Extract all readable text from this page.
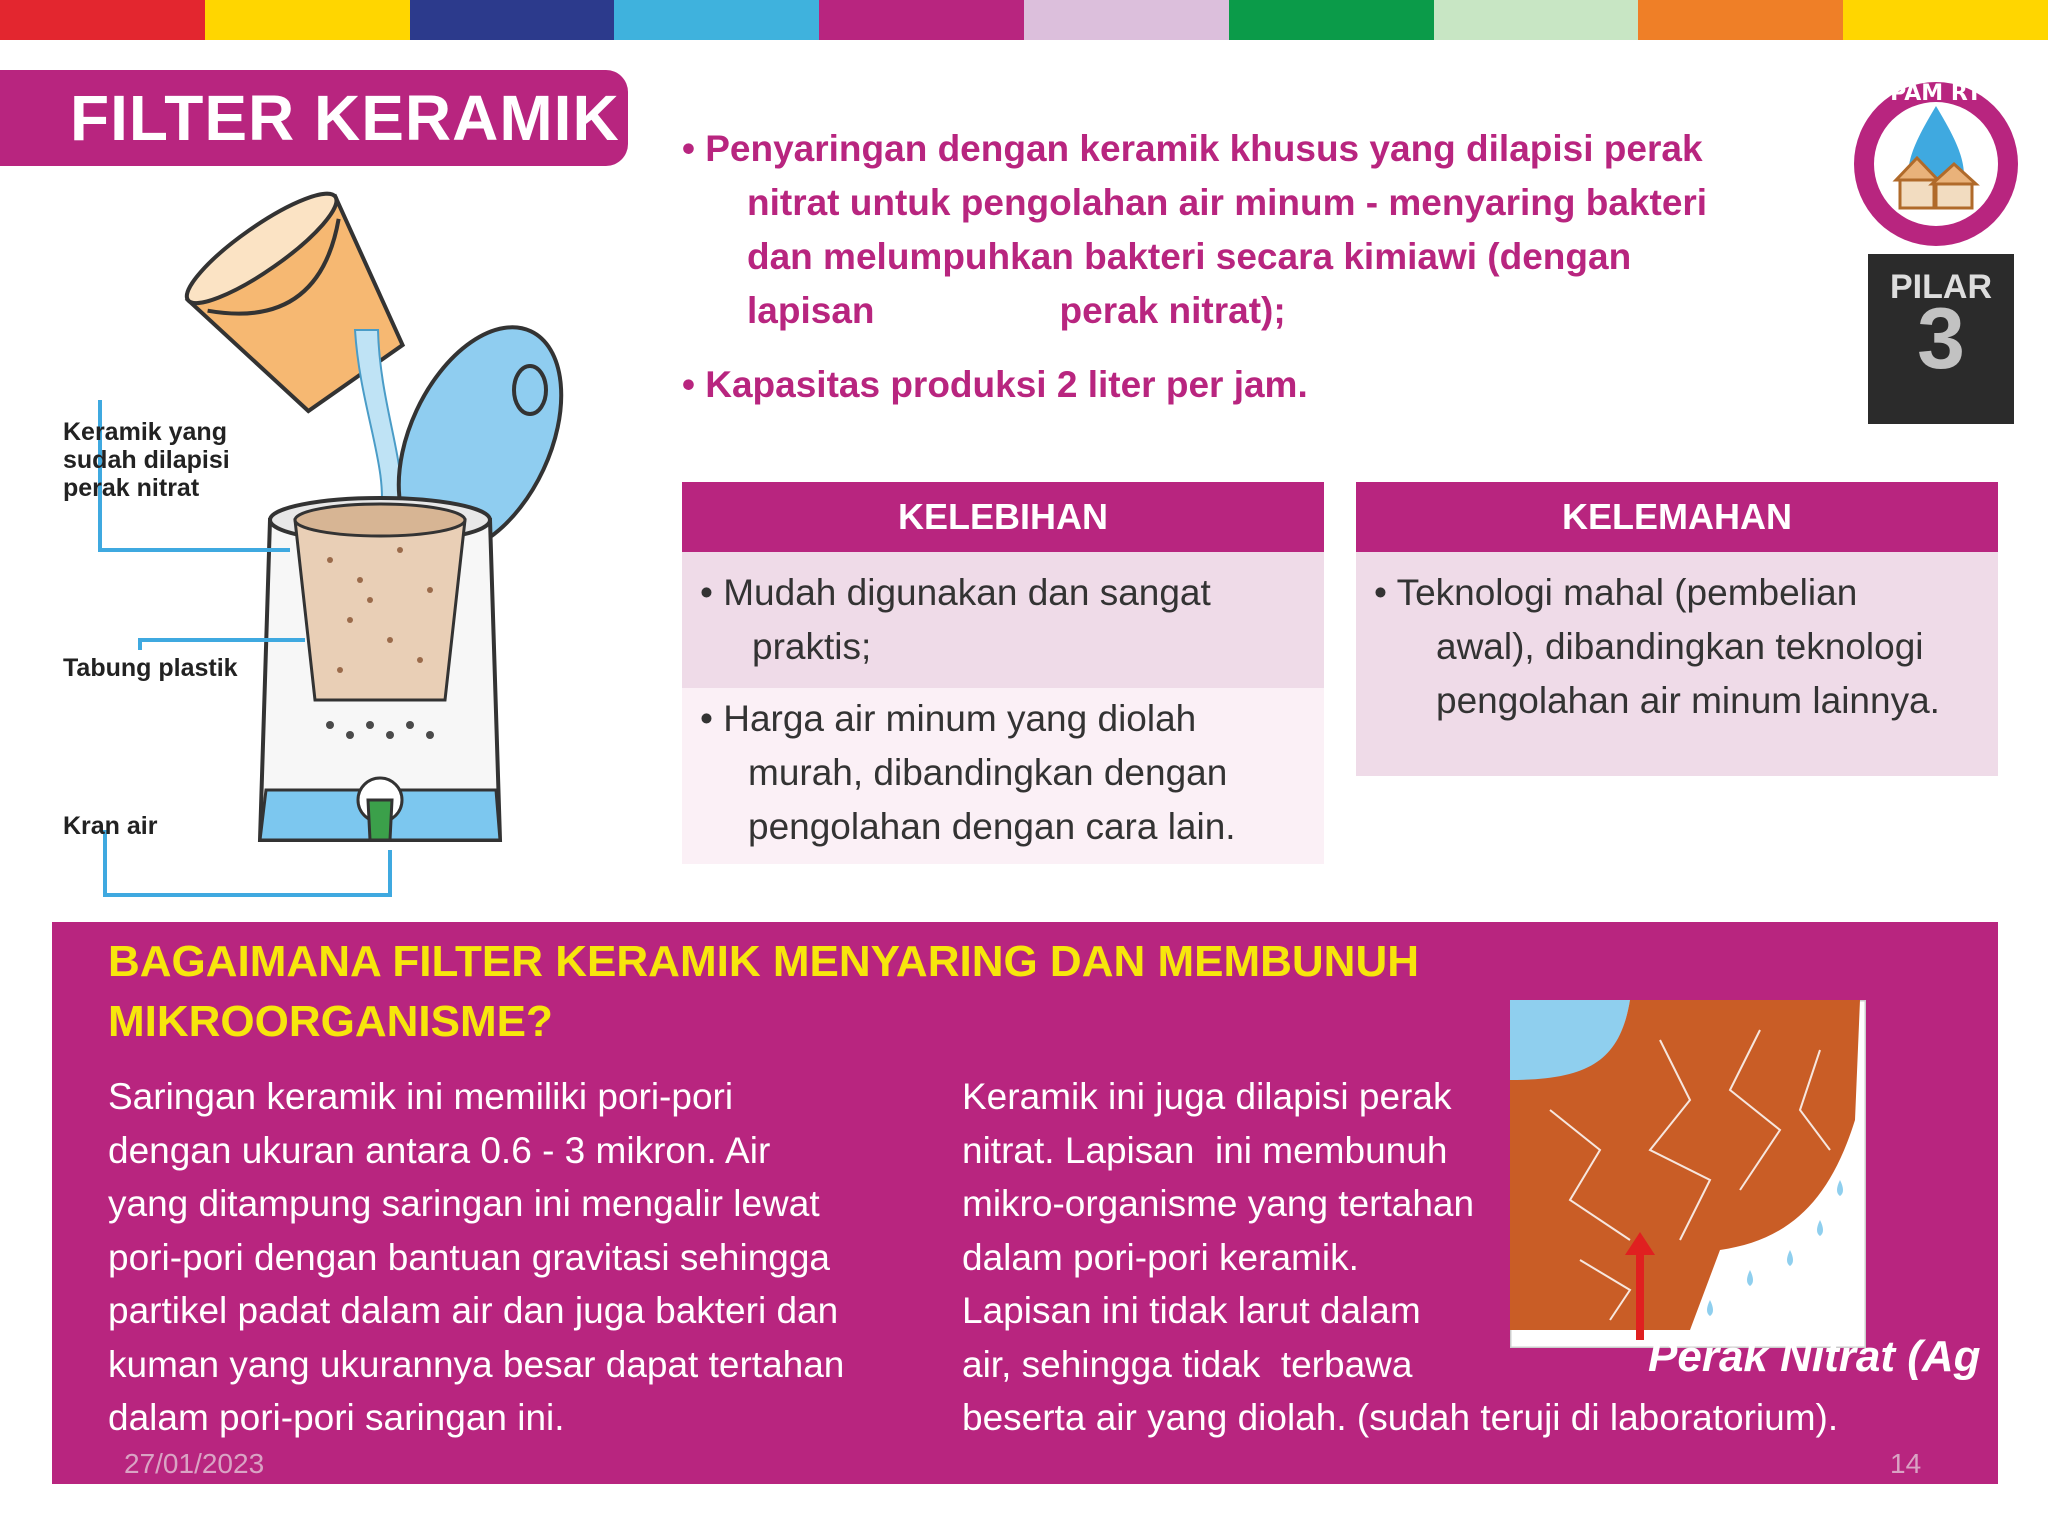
FILTER KERAMIK • Penyaringan dengan keramik khusus yang dilapisi perak
nitrat untuk pengolahan air minum - menyaring bakteri
dan melumpuhkan bakteri secara kimiawi (dengan
lapisan                  perak nitrat);
• Kapasitas produksi 2 liter per jam.
PAM RT
PILAR
3
Keramik yang sudah dilapisi perak nitrat
Tabung plastik
Kran air
KELEBIHAN
• Mudah digunakan dan sangat
praktis;
• Harga air minum yang diolah
murah, dibandingkan dengan
pengolahan dengan cara lain.
KELEMAHAN
• Teknologi mahal (pembelian
awal), dibandingkan teknologi
pengolahan air minum lainnya.
BAGAIMANA FILTER KERAMIK MENYARING DAN MEMBUNUH
MIKROORGANISME?
Saringan keramik ini memiliki pori-pori
dengan ukuran antara 0.6 - 3 mikron. Air
yang ditampung saringan ini mengalir lewat
pori-pori dengan bantuan gravitasi sehingga
partikel padat dalam air dan juga bakteri dan
kuman yang ukurannya besar dapat tertahan
dalam pori-pori saringan ini.
Keramik ini juga dilapisi perak
nitrat. Lapisan  ini membunuh
mikro-organisme yang tertahan
dalam pori-pori keramik.
Lapisan ini tidak larut dalam
air, sehingga tidak  terbawa
beserta air yang diolah. (sudah teruji di laboratorium).
Perak Nitrat (Ag
27/01/2023	14
